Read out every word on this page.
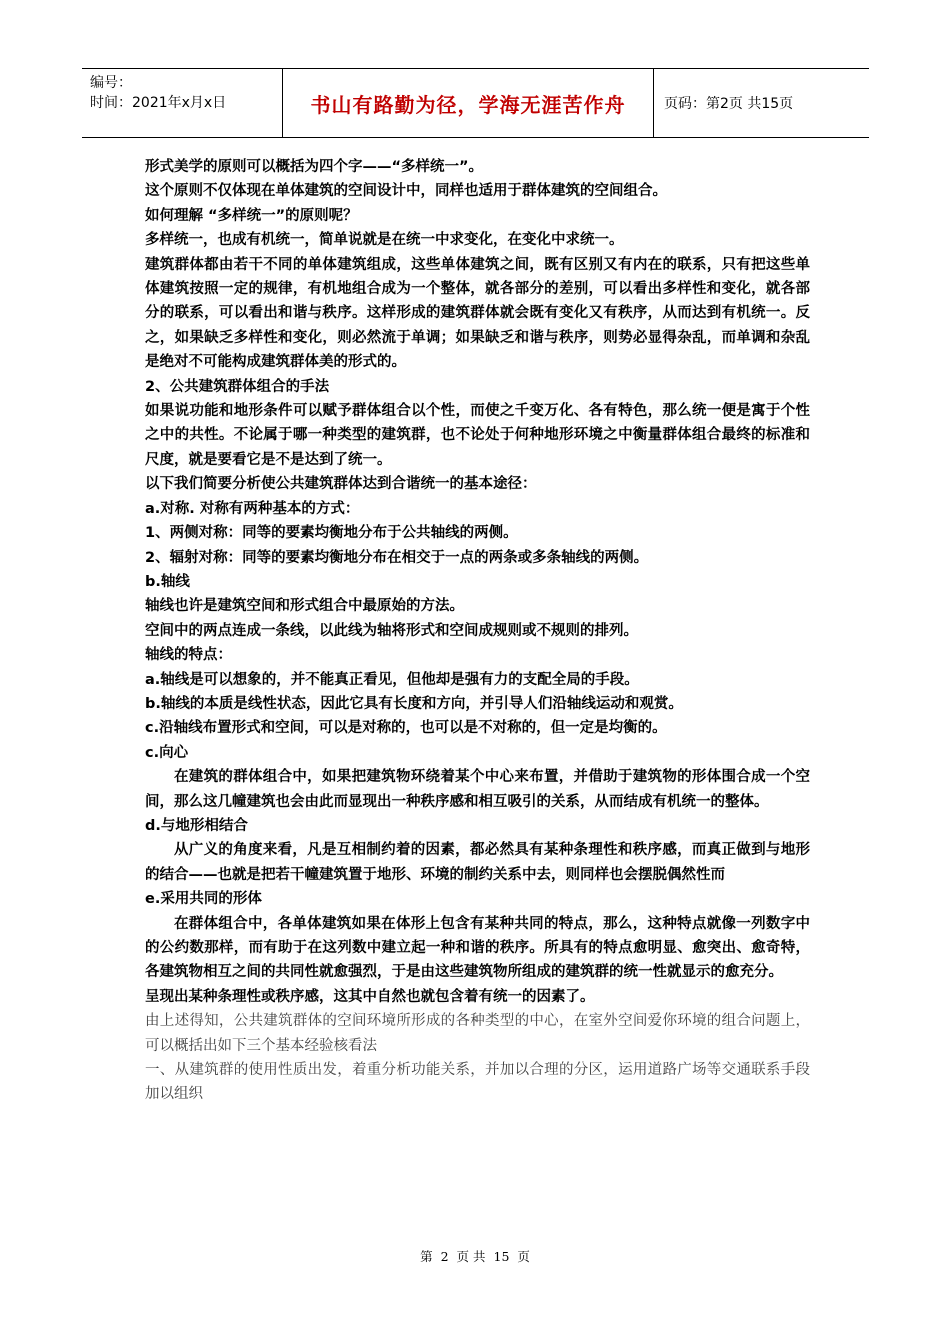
编号：
时间：2021年x月x日	书山有路勤为径，学海无涯苦作舟	页码：第2页 共15页

形式美学的原则可以概括为四个字——“多样统一”。

这个原则不仅体现在单体建筑的空间设计中，同样也适用于群体建筑的空间组合。

如何理解 “多样统一”的原则呢？

多样统一，也成有机统一，简单说就是在统一中求变化，在变化中求统一。

建筑群体都由若干不同的单体建筑组成，这些单体建筑之间，既有区别又有内在的联系，只有把这些单体建筑按照一定的规律，有机地组合成为一个整体，就各部分的差别，可以看出多样性和变化，就各部分的联系，可以看出和谐与秩序。这样形成的建筑群体就会既有变化又有秩序，从而达到有机统一。反之，如果缺乏多样性和变化，则必然流于单调；如果缺乏和谐与秩序，则势必显得杂乱，而单调和杂乱是绝对不可能构成建筑群体美的形式的。

2、公共建筑群体组合的手法

如果说功能和地形条件可以赋予群体组合以个性，而使之千变万化、各有特色，那么统一便是寓于个性之中的共性。不论属于哪一种类型的建筑群，也不论处于何种地形环境之中衡量群体组合最终的标准和尺度，就是要看它是不是达到了统一。

以下我们简要分析使公共建筑群体达到合谐统一的基本途径：

a.对称. 对称有两种基本的方式：

1、两侧对称：同等的要素均衡地分布于公共轴线的两侧。

2、辐射对称：同等的要素均衡地分布在相交于一点的两条或多条轴线的两侧。

b.轴线

轴线也许是建筑空间和形式组合中最原始的方法。

空间中的两点连成一条线，以此线为轴将形式和空间成规则或不规则的排列。

轴线的特点：

a.轴线是可以想象的，并不能真正看见，但他却是强有力的支配全局的手段。

b.轴线的本质是线性状态，因此它具有长度和方向，并引导人们沿轴线运动和观赏。

c.沿轴线布置形式和空间，可以是对称的，也可以是不对称的，但一定是均衡的。

c.向心

在建筑的群体组合中，如果把建筑物环绕着某个中心来布置，并借助于建筑物的形体围合成一个空间，那么这几幢建筑也会由此而显现出一种秩序感和相互吸引的关系，从而结成有机统一的整体。

d.与地形相结合

从广义的角度来看，凡是互相制约着的因素，都必然具有某种条理性和秩序感，而真正做到与地形的结合——也就是把若干幢建筑置于地形、环境的制约关系中去，则同样也会摆脱偶然性而

e.采用共同的形体

在群体组合中，各单体建筑如果在体形上包含有某种共同的特点，那么，这种特点就像一列数字中的公约数那样，而有助于在这列数中建立起一种和谐的秩序。所具有的特点愈明显、愈突出、愈奇特，各建筑物相互之间的共同性就愈强烈，于是由这些建筑物所组成的建筑群的统一性就显示的愈充分。

呈现出某种条理性或秩序感，这其中自然也就包含着有统一的因素了。

由上述得知，公共建筑群体的空间环境所形成的各种类型的中心，在室外空间爱你环境的组合问题上，可以概括出如下三个基本经验核看法

一、从建筑群的使用性质出发，着重分析功能关系，并加以合理的分区，运用道路广场等交通联系手段加以组织

第 2 页 共 15 页
